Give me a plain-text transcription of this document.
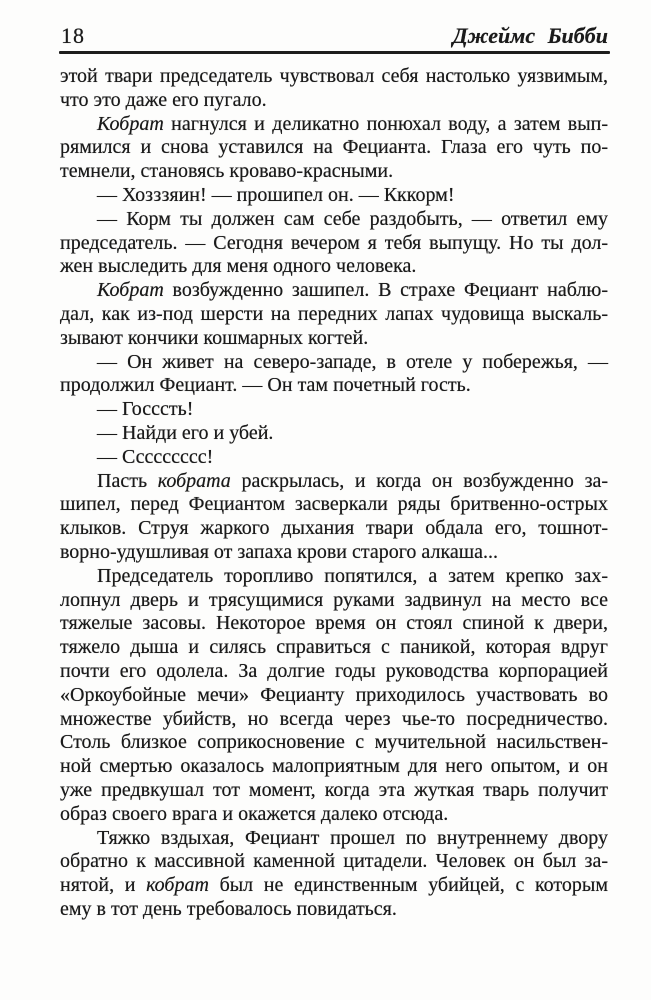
18	Джеймс Бибби
этой твари председатель чувствовал себя настолько уязвимым,
что это даже его пугало.
Кобрат нагнулся и деликатно понюхал воду, а затем вып-
рямился и снова уставился на Фецианта. Глаза его чуть по-
темнели, становясь кроваво-красными.
— Хозззяин! — прошипел он. — Кккорм!
— Корм ты должен сам себе раздобыть, — ответил ему
председатель. — Сегодня вечером я тебя выпущу. Но ты дол-
жен выследить для меня одного человека.
Кобрат возбужденно зашипел. В страхе Фециант наблю-
дал, как из-под шерсти на передних лапах чудовища выскаль-
зывают кончики кошмарных когтей.
— Он живет на северо-западе, в отеле у побережья, —
продолжил Фециант. — Он там почетный гость.
— Госссть!
— Найди его и убей.
— Ссссссссс!
Пасть кобрата раскрылась, и когда он возбужденно за-
шипел, перед Фециантом засверкали ряды бритвенно-острых
клыков. Струя жаркого дыхания твари обдала его, тошнот-
ворно-удушливая от запаха крови старого алкаша...
Председатель торопливо попятился, а затем крепко зах-
лопнул дверь и трясущимися руками задвинул на место все
тяжелые засовы. Некоторое время он стоял спиной к двери,
тяжело дыша и силясь справиться с паникой, которая вдруг
почти его одолела. За долгие годы руководства корпорацией
«Оркоубойные мечи» Фецианту приходилось участвовать во
множестве убийств, но всегда через чье-то посредничество.
Столь близкое соприкосновение с мучительной насильствен-
ной смертью оказалось малоприятным для него опытом, и он
уже предвкушал тот момент, когда эта жуткая тварь получит
образ своего врага и окажется далеко отсюда.
Тяжко вздыхая, Фециант прошел по внутреннему двору
обратно к массивной каменной цитадели. Человек он был за-
нятой, и кобрат был не единственным убийцей, с которым
ему в тот день требовалось повидаться.
